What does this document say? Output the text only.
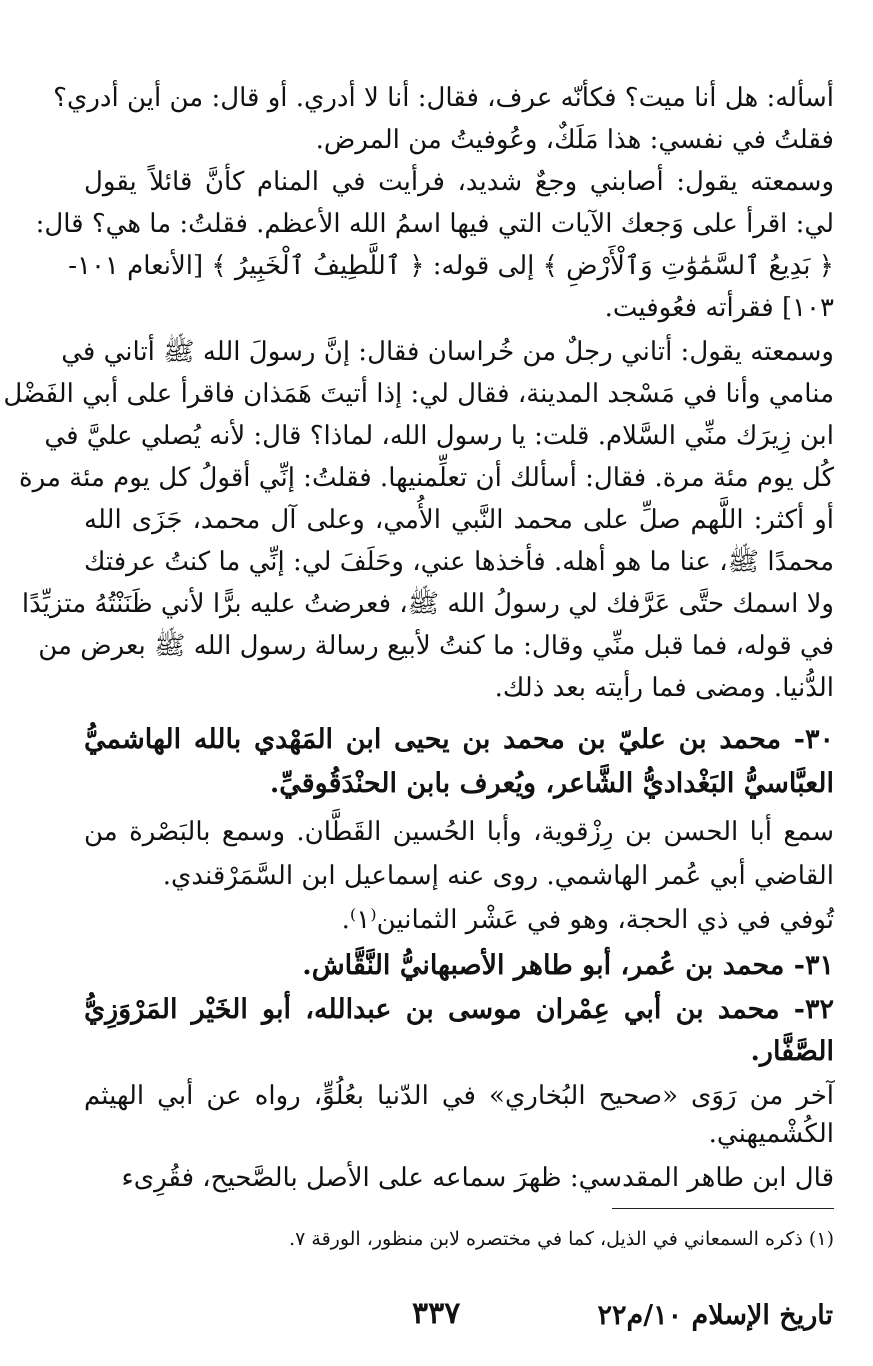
أسأله: هل أنا ميت؟ فكأنّه عرف، فقال: أنا لا أدري. أو قال: من أين أدري؟
فقلتُ في نفسي: هذا مَلَكٌ، وعُوفيتُ من المرض.
وسمعته يقول: أصابني وجعٌ شديد، فرأيت في المنام كأنَّ قائلاً يقول
لي: اقرأ على وَجعك الآيات التي فيها اسمُ الله الأعظم. فقلتُ: ما هي؟ قال:
﴿ بَدِيعُ ٱلسَّمَٰوَٰتِ وَٱلْأَرْضِ ﴾ إلى قوله: ﴿ ٱللَّطِيفُ ٱلْخَبِيرُ ﴾ [الأنعام ١٠١-
١٠٣] فقرأته فعُوفيت.
وسمعته يقول: أتاني رجلٌ من خُراسان فقال: إنَّ رسولَ الله ﷺ أتاني في
منامي وأنا في مَسْجد المدينة، فقال لي: إذا أتيتَ هَمَذان فاقرأ على أبي الفَضْل
ابن زِيرَك منِّي السَّلام. قلت: يا رسول الله، لماذا؟ قال: لأنه يُصلي عليَّ في
كُل يوم مئة مرة. فقال: أسألك أن تعلِّمنيها. فقلتُ: إنِّي أقولُ كل يوم مئة مرة
أو أكثر: اللَّهم صلِّ على محمد النَّبي الأُمي، وعلى آل محمد، جَزَى الله
محمدًا ﷺ، عنا ما هو أهله. فأخذها عني، وحَلَفَ لي: إنِّي ما كنتُ عرفتك
ولا اسمك حتَّى عَرَّفك لي رسولُ الله ﷺ، فعرضتُ عليه برًّا لأني ظَنَنْتُهُ متزيِّدًا
في قوله، فما قبل منِّي وقال: ما كنتُ لأبيع رسالة رسول الله ﷺ بعرض من
الدُّنيا. ومضى فما رأيته بعد ذلك.
٣٠- محمد بن عليّ بن محمد بن يحيى ابن المَهْدي بالله الهاشميُّ
العبَّاسيُّ البَغْداديُّ الشَّاعر، ويُعرف بابن الحنْدَقُوقيِّ.
سمع أبا الحسن بن رِزْقوية، وأبا الحُسين القَطَّان. وسمع بالبَصْرة من
القاضي أبي عُمر الهاشمي. روى عنه إسماعيل ابن السَّمَرْقندي.
تُوفي في ذي الحجة، وهو في عَشْر الثمانين⁽١⁾.
٣١- محمد بن عُمر، أبو طاهر الأصبهانيُّ النَّقَّاش.
٣٢- محمد بن أبي عِمْران موسى بن عبدالله، أبو الخَيْر المَرْوَزِيُّ
الصَّفَّار.
آخر من رَوَى «صحيح البُخاري» في الدّنيا بعُلُوٍّ، رواه عن أبي الهيثم
(١) ذكره السمعاني في الذيل، كما في مختصره لابن منظور، الورقة ٧.
تاريخ الإسلام ١٠/م٢٢
٣٣٧
الكُشْميهني.
قال ابن طاهر المقدسي: ظهرَ سماعه على الأصل بالصَّحيح، فقُرِىء
